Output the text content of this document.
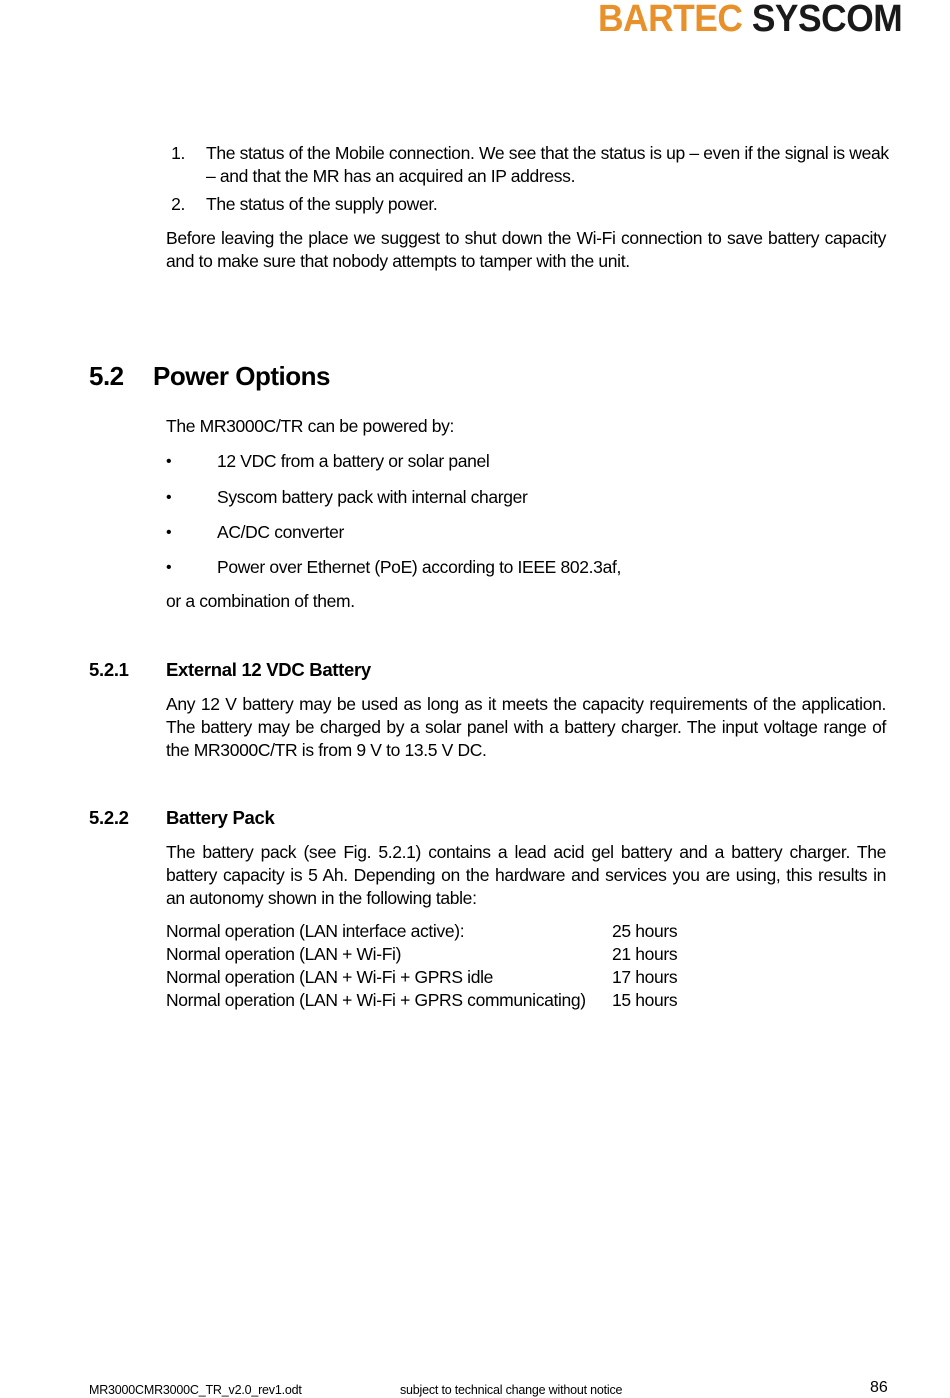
BARTEC SYSCOM
1. The status of the Mobile connection. We see that the status is up – even if the signal is weak
– and that the MR has an acquired an IP address.
2. The status of the supply power.
Before leaving the place we suggest to shut down the Wi-Fi connection to save battery capacity and to make sure that nobody attempts to tamper with the unit.
5.2 Power Options
The MR3000C/TR can be powered by:
•	12 VDC from a battery or solar panel
•	Syscom battery pack with internal charger
•	AC/DC converter
•	Power over Ethernet (PoE) according to IEEE 802.3af,
or a combination of them.
5.2.1 External 12 VDC Battery
Any 12 V battery may be used as long as it meets the capacity requirements of the application. The battery may be charged by a solar panel with a battery charger. The input voltage range of the MR3000C/TR is from 9 V to 13.5 V DC.
5.2.2 Battery Pack
The battery pack (see Fig. 5.2.1) contains a lead acid gel battery and a battery charger. The battery capacity is 5 Ah. Depending on the hardware and services you are using, this results in an autonomy shown in the following table:
Normal operation (LAN interface active):	25 hours
Normal operation (LAN + Wi-Fi)	21 hours
Normal operation (LAN + Wi-Fi + GPRS idle	17 hours
Normal operation (LAN + Wi-Fi + GPRS communicating) 15 hours
MR3000CMR3000C_TR_v2.0_rev1.odt	subject to technical change without notice	86
